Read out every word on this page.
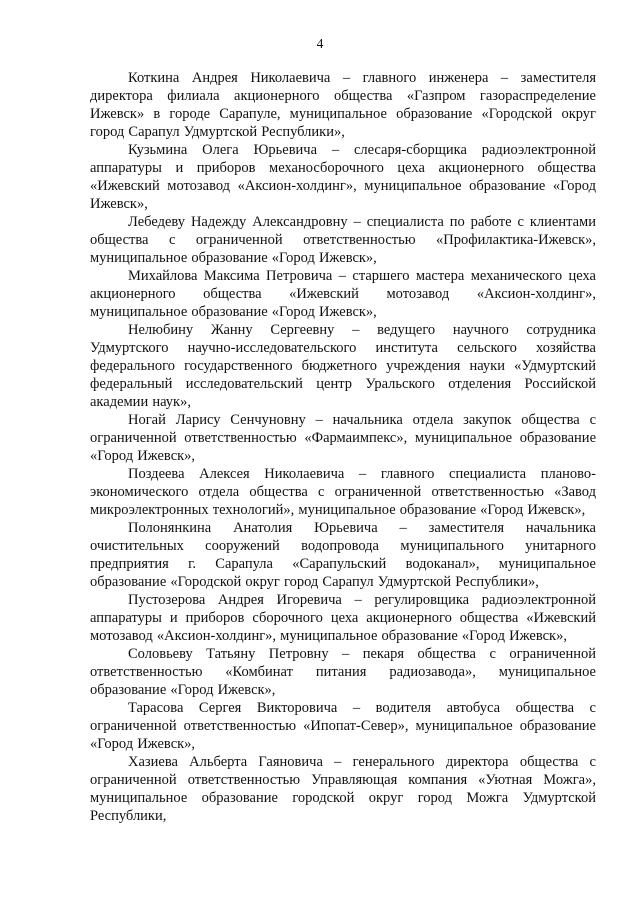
4

Коткина Андрея Николаевича – главного инженера – заместителя директора филиала акционерного общества «Газпром газораспределение Ижевск» в городе Сарапуле, муниципальное образование «Городской округ город Сарапул Удмуртской Республики»,

Кузьмина Олега Юрьевича – слесаря-сборщика радиоэлектронной аппаратуры и приборов механосборочного цеха акционерного общества «Ижевский мотозавод «Аксион-холдинг», муниципальное образование «Город Ижевск»,

Лебедеву Надежду Александровну – специалиста по работе с клиентами общества с ограниченной ответственностью «Профилактика-Ижевск», муниципальное образование «Город Ижевск»,

Михайлова Максима Петровича – старшего мастера механического цеха акционерного общества «Ижевский мотозавод «Аксион-холдинг», муниципальное образование «Город Ижевск»,

Нелюбину Жанну Сергеевну – ведущего научного сотрудника Удмуртского научно-исследовательского института сельского хозяйства федерального государственного бюджетного учреждения науки «Удмуртский федеральный исследовательский центр Уральского отделения Российской академии наук»,

Ногай Ларису Сенчуновну – начальника отдела закупок общества с ограниченной ответственностью «Фармаимпекс», муниципальное образование «Город Ижевск»,

Поздеева Алексея Николаевича – главного специалиста планово-экономического отдела общества с ограниченной ответственностью «Завод микроэлектронных технологий», муниципальное образование «Город Ижевск»,

Полонянкина Анатолия Юрьевича – заместителя начальника очистительных сооружений водопровода муниципального унитарного предприятия г. Сарапула «Сарапульский водоканал», муниципальное образование «Городской округ город Сарапул Удмуртской Республики»,

Пустозерова Андрея Игоревича – регулировщика радиоэлектронной аппаратуры и приборов сборочного цеха акционерного общества «Ижевский мотозавод «Аксион-холдинг», муниципальное образование «Город Ижевск»,

Соловьеву Татьяну Петровну – пекаря общества с ограниченной ответственностью «Комбинат питания радиозавода», муниципальное образование «Город Ижевск»,

Тарасова Сергея Викторовича – водителя автобуса общества с ограниченной ответственностью «Ипопат-Север», муниципальное образование «Город Ижевск»,

Хазиева Альберта Гаяновича – генерального директора общества с ограниченной ответственностью Управляющая компания «Уютная Можга», муниципальное образование городской округ город Можга Удмуртской Республики,
